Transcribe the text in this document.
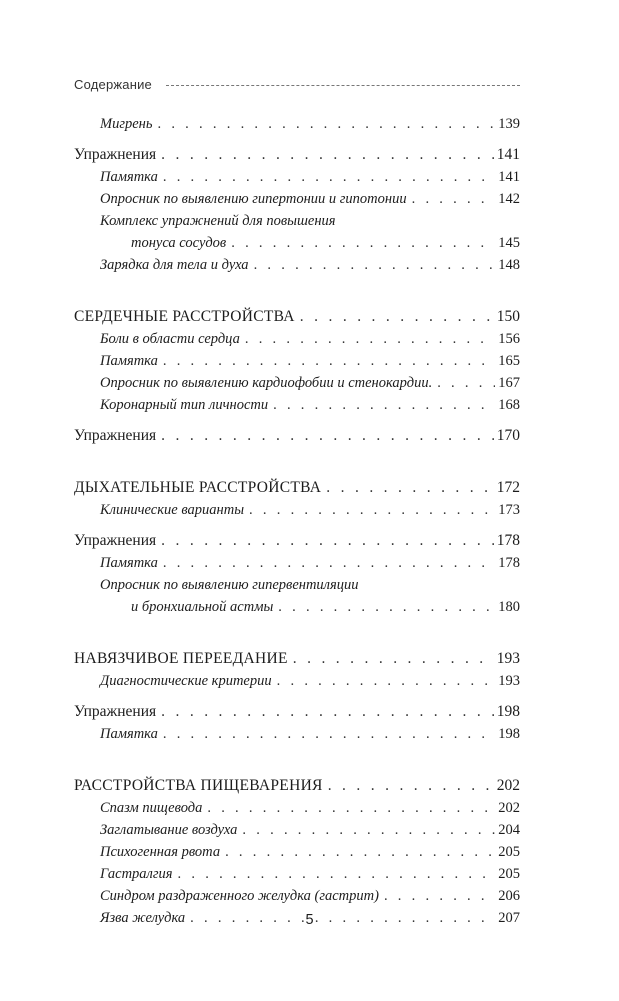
Содержание
Мигрень . . .	139
Упражнения . . .	141
Памятка . . .	141
Опросник по выявлению гипертонии и гипотонии . . .	142
Комплекс упражнений для повышения
тонуса сосудов . . .	145
Зарядка для тела и духа . . .	148
СЕРДЕЧНЫЕ РАССТРОЙСТВА . . .	150
Боли в области сердца . . .	156
Памятка . . .	165
Опросник по выявлению кардиофобии и стенокардии. . . .	167
Коронарный тип личности . . .	168
Упражнения . . .	170
ДЫХАТЕЛЬНЫЕ РАССТРОЙСТВА . . .	172
Клинические варианты . . .	173
Упражнения . . .	178
Памятка . . .	178
Опросник по выявлению гипервентиляции
и бронхиальной астмы . . .	180
НАВЯЗЧИВОЕ ПЕРЕЕДАНИЕ . . .	193
Диагностические критерии . . .	193
Упражнения . . .	198
Памятка . . .	198
РАССТРОЙСТВА ПИЩЕВАРЕНИЯ . . .	202
Спазм пищевода . . .	202
Заглатывание воздуха . . .	204
Психогенная рвота . . .	205
Гастралгия . . .	205
Синдром раздраженного желудка (гастрит) . . .	206
Язва желудка . . .	207
5
